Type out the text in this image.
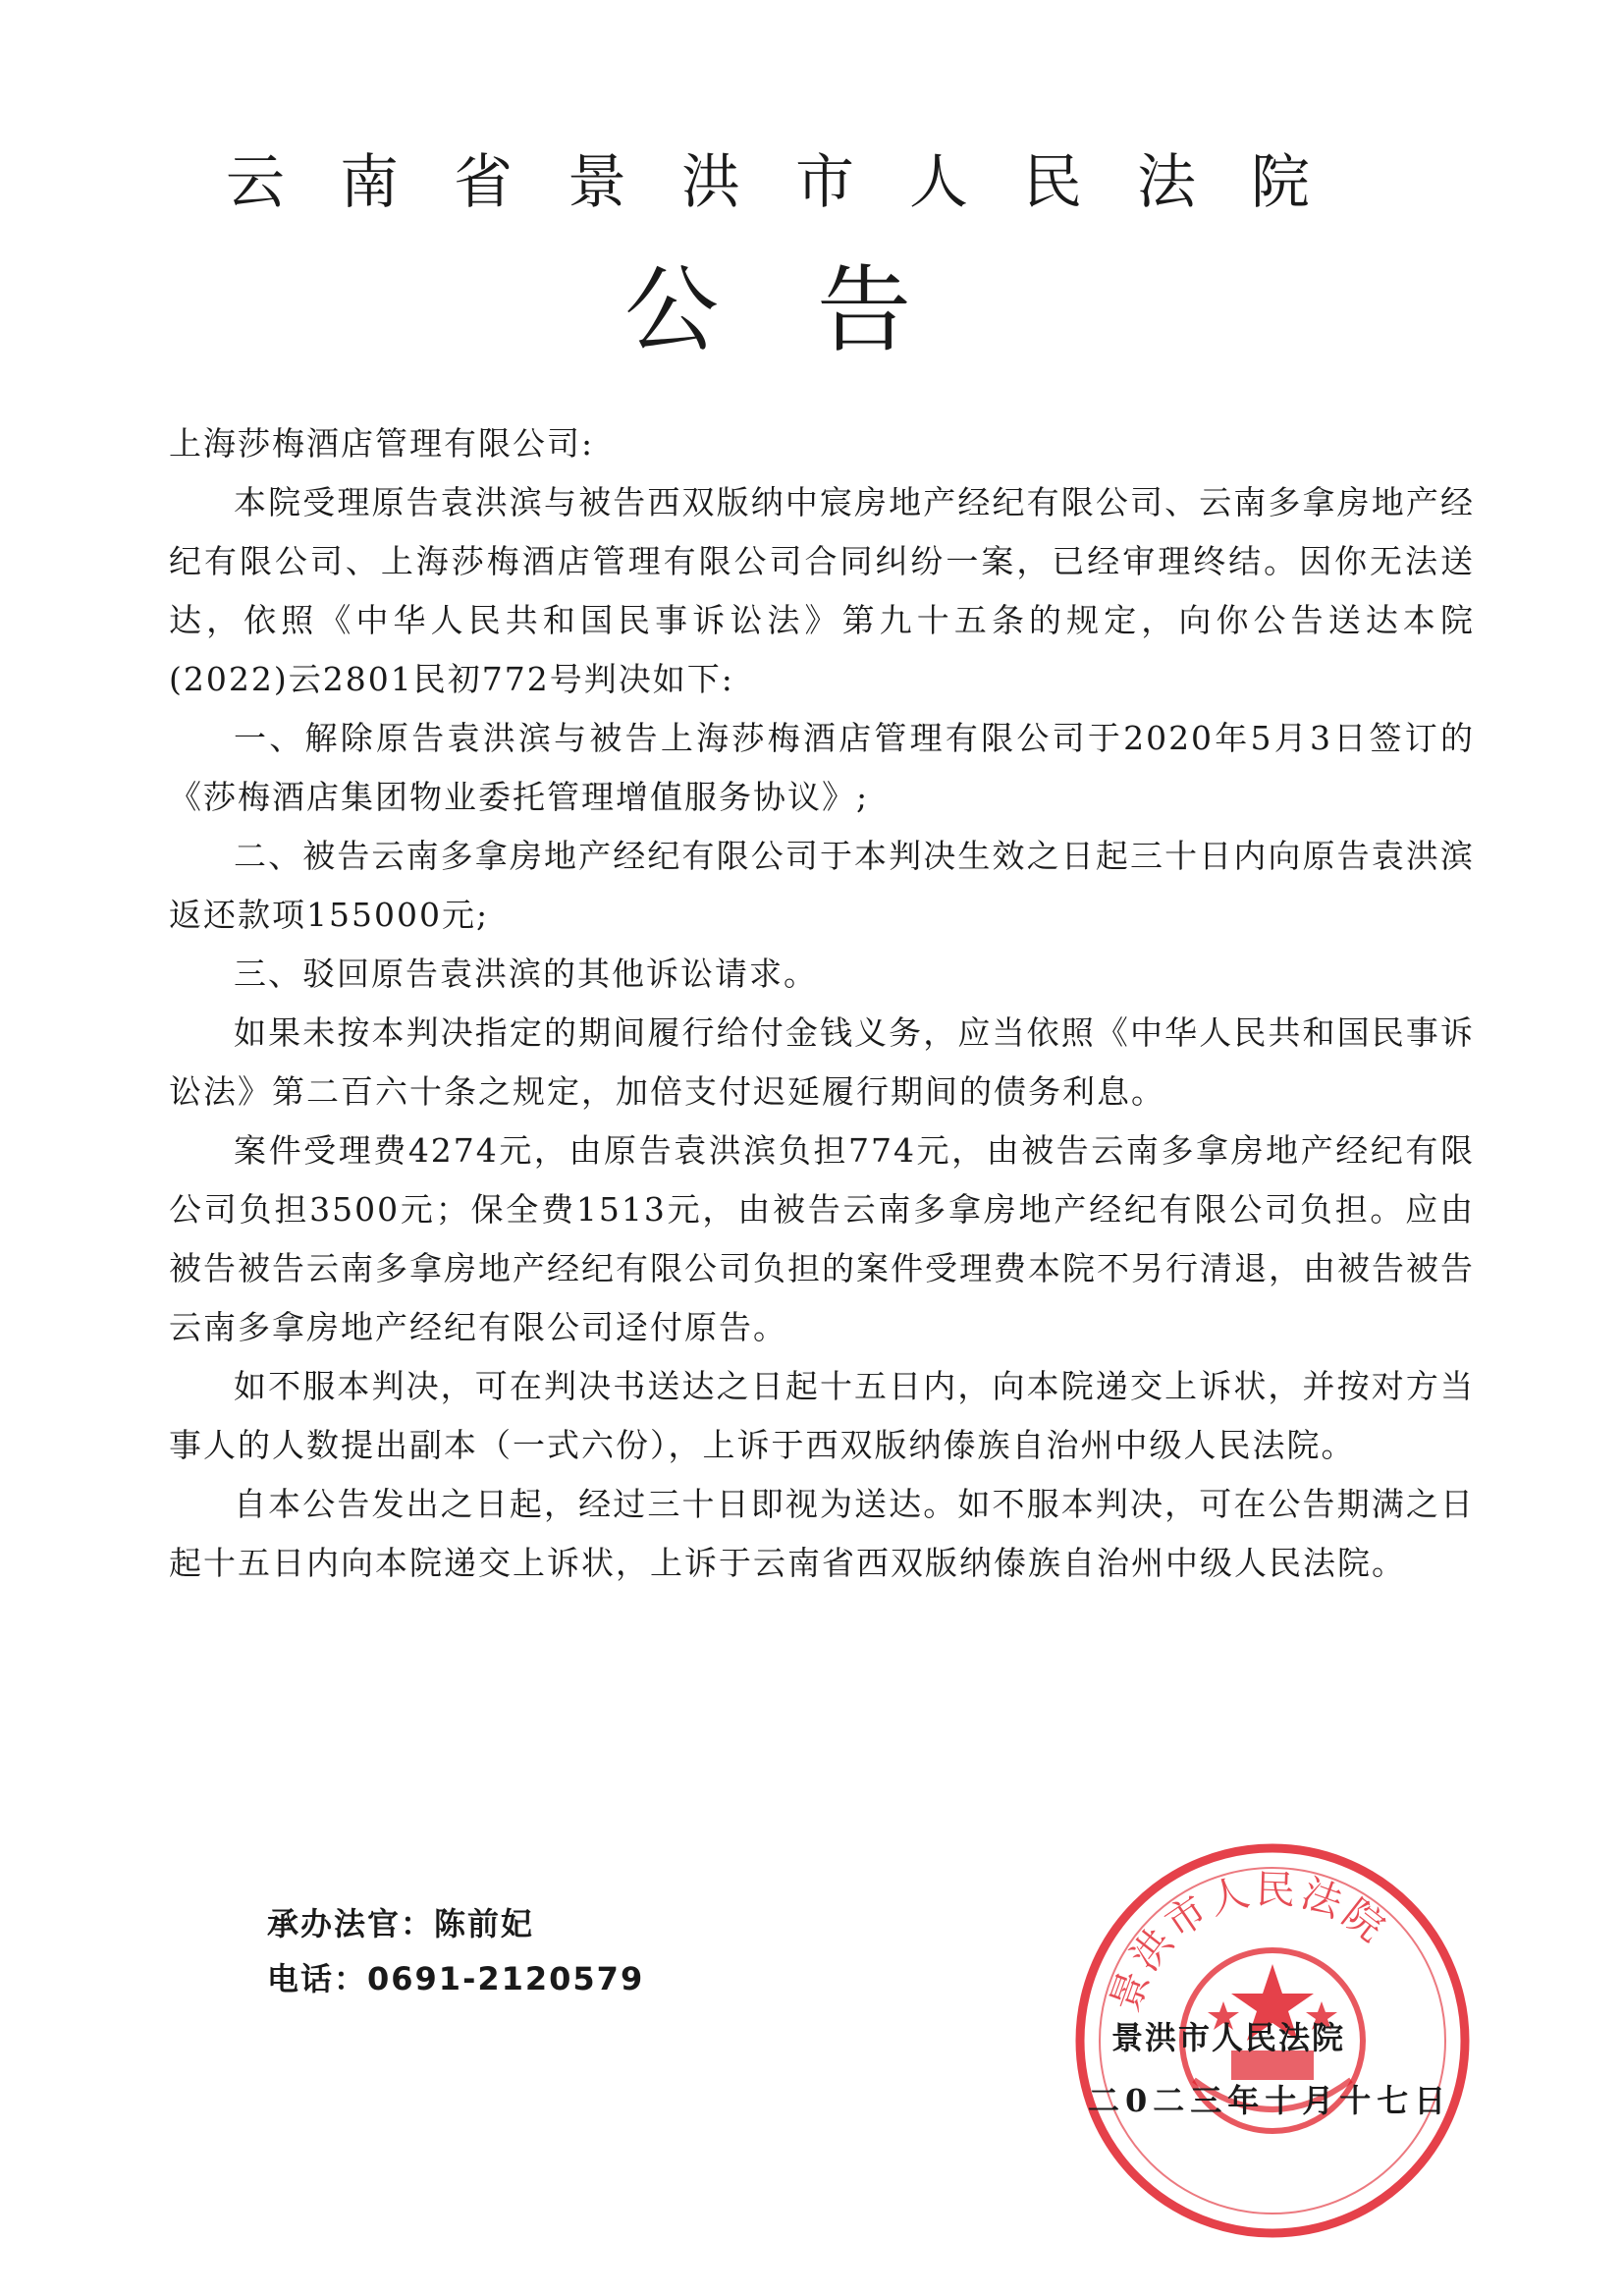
云南省景洪市人民法院
公告

上海莎梅酒店管理有限公司:

本院受理原告袁洪滨与被告西双版纳中宸房地产经纪有限公司、云南多拿房地产经纪有限公司、上海莎梅酒店管理有限公司合同纠纷一案，已经审理终结。因你无法送达，依照《中华人民共和国民事诉讼法》第九十五条的规定，向你公告送达本院(2022)云2801民初772号判决如下:

一、解除原告袁洪滨与被告上海莎梅酒店管理有限公司于2020年5月3日签订的《莎梅酒店集团物业委托管理增值服务协议》;

二、被告云南多拿房地产经纪有限公司于本判决生效之日起三十日内向原告袁洪滨返还款项155000元;

三、驳回原告袁洪滨的其他诉讼请求。

如果未按本判决指定的期间履行给付金钱义务，应当依照《中华人民共和国民事诉讼法》第二百六十条之规定，加倍支付迟延履行期间的债务利息。

案件受理费4274元，由原告袁洪滨负担774元，由被告云南多拿房地产经纪有限公司负担3500元；保全费1513元，由被告云南多拿房地产经纪有限公司负担。应由被告被告云南多拿房地产经纪有限公司负担的案件受理费本院不另行清退，由被告被告云南多拿房地产经纪有限公司迳付原告。

如不服本判决，可在判决书送达之日起十五日内，向本院递交上诉状，并按对方当事人的人数提出副本（一式六份），上诉于西双版纳傣族自治州中级人民法院。

自本公告发出之日起，经过三十日即视为送达。如不服本判决，可在公告期满之日起十五日内向本院递交上诉状，上诉于云南省西双版纳傣族自治州中级人民法院。

承办法官：陈前妃
电话：0691-2120579	景洪市人民法院
景洪市人民法院
二0二三年十月十七日
